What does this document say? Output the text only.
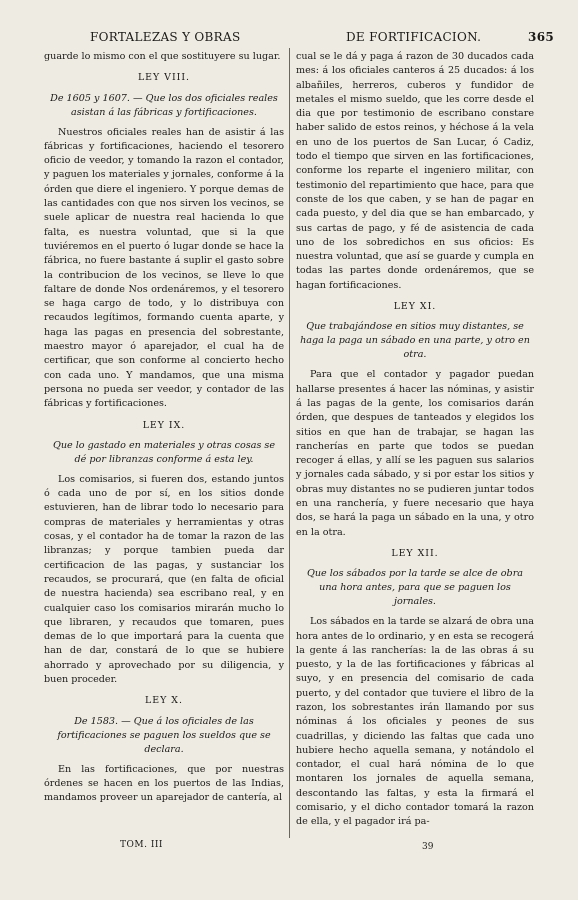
FORTALEZAS Y OBRAS	DE FORTIFICACION.	365

guarde lo mismo con el que sostituyere su lugar.

LEY VIII.

De 1605 y 1607. — Que los dos oficiales reales asistan á las fábricas y fortificaciones.

Nuestros oficiales reales han de asistir á las fábricas y fortificaciones, haciendo el tesorero oficio de veedor, y tomando la razon el contador, y paguen los materiales y jornales, conforme á la órden que diere el ingeniero. Y porque demas de las cantidades con que nos sirven los vecinos, se suele aplicar de nuestra real hacienda lo que falta, es nuestra voluntad, que si la que tuviéremos en el puerto ó lugar donde se hace la fábrica, no fuere bastante á suplir el gasto sobre la contribucion de los vecinos, se lleve lo que faltare de donde Nos ordenáremos, y el tesorero se haga cargo de todo, y lo distribuya con recaudos legítimos, formando cuenta aparte, y haga las pagas en presencia del sobrestante, maestro mayor ó aparejador, el cual ha de certificar, que son conforme al concierto hecho con cada uno. Y mandamos, que una misma persona no pueda ser veedor, y contador de las fábricas y fortificaciones.

LEY IX.

Que lo gastado en materiales y otras cosas se dé por libranzas conforme á esta ley.

Los comisarios, si fueren dos, estando juntos ó cada uno de por sí, en los sitios donde estuvieren, han de librar todo lo necesario para compras de materiales y herramientas y otras cosas, y el contador ha de tomar la razon de las libranzas; y porque tambien pueda dar certificacion de las pagas, y sustanciar los recaudos, se procurará, que (en falta de oficial de nuestra hacienda) sea escribano real, y en cualquier caso los comisarios mirarán mucho lo que libraren, y recaudos que tomaren, pues demas de lo que importará para la cuenta que han de dar, constará de lo que se hubiere ahorrado y aprovechado por su diligencia, y buen proceder.

LEY X.

De 1583. — Que á los oficiales de las fortificaciones se paguen los sueldos que se declara.

En las fortificaciones, que por nuestras órdenes se hacen en los puertos de las Indias, mandamos proveer un aparejador de cantería, al

cual se le dá y paga á razon de 30 ducados cada mes: á los oficiales canteros á 25 ducados: á los albañiles, herreros, cuberos y fundidor de metales el mismo sueldo, que les corre desde el dia que por testimonio de escribano constare haber salido de estos reinos, y héchose á la vela en uno de los puertos de San Lucar, ó Cadiz, todo el tiempo que sirven en las fortificaciones, conforme los reparte el ingeniero militar, con testimonio del repartimiento que hace, para que conste de los que caben, y se han de pagar en cada puesto, y del dia que se han embarcado, y sus cartas de pago, y fé de asistencia de cada uno de los sobredichos en sus oficios: Es nuestra voluntad, que así se guarde y cumpla en todas las partes donde ordenáremos, que se hagan fortificaciones.

LEY XI.

Que trabajándose en sitios muy distantes, se haga la paga un sábado en una parte, y otro en otra.

Para que el contador y pagador puedan hallarse presentes á hacer las nóminas, y asistir á las pagas de la gente, los comisarios darán órden, que despues de tanteados y elegidos los sitios en que han de trabajar, se hagan las rancherías en parte que todos se puedan recoger á ellas, y allí se les paguen sus salarios y jornales cada sábado, y si por estar los sitios y obras muy distantes no se pudieren juntar todos en una ranchería, y fuere necesario que haya dos, se hará la paga un sábado en la una, y otro en la otra.

LEY XII.

Que los sábados por la tarde se alce de obra una hora antes, para que se paguen los jornales.

Los sábados en la tarde se alzará de obra una hora antes de lo ordinario, y en esta se recogerá la gente á las rancherías: la de las obras á su puesto, y la de las fortificaciones y fábricas al suyo, y en presencia del comisario de cada puerto, y del contador que tuviere el libro de la razon, los sobrestantes irán llamando por sus nóminas á los oficiales y peones de sus cuadrillas, y diciendo las faltas que cada uno hubiere hecho aquella semana, y notándolo el contador, el cual hará nómina de lo que montaren los jornales de aquella semana, descontando las faltas, y esta la firmará el comisario, y el dicho contador tomará la razon de ella, y el pagador irá pa-

TOM. III	39
